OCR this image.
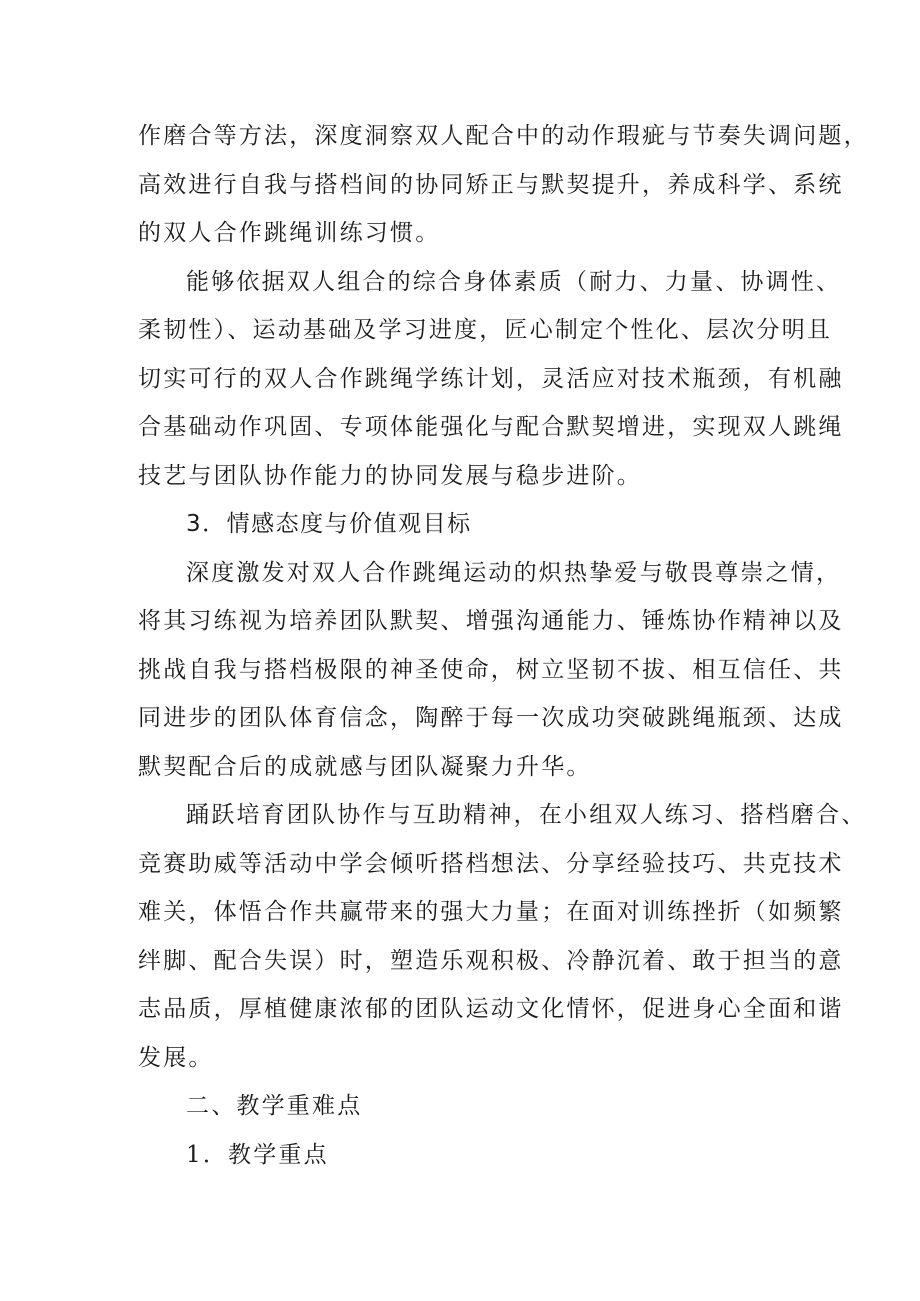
作磨合等方法，深度洞察双人配合中的动作瑕疵与节奏失调问题，
高效进行自我与搭档间的协同矫正与默契提升，养成科学、系统
的双人合作跳绳训练习惯。
能够依据双人组合的综合身体素质（耐力、力量、协调性、
柔韧性）、运动基础及学习进度，匠心制定个性化、层次分明且
切实可行的双人合作跳绳学练计划，灵活应对技术瓶颈，有机融
合基础动作巩固、专项体能强化与配合默契增进，实现双人跳绳
技艺与团队协作能力的协同发展与稳步进阶。
3．情感态度与价值观目标
深度激发对双人合作跳绳运动的炽热挚爱与敬畏尊崇之情，
将其习练视为培养团队默契、增强沟通能力、锤炼协作精神以及
挑战自我与搭档极限的神圣使命，树立坚韧不拔、相互信任、共
同进步的团队体育信念，陶醉于每一次成功突破跳绳瓶颈、达成
默契配合后的成就感与团队凝聚力升华。
踊跃培育团队协作与互助精神，在小组双人练习、搭档磨合、
竞赛助威等活动中学会倾听搭档想法、分享经验技巧、共克技术
难关，体悟合作共赢带来的强大力量；在面对训练挫折（如频繁
绊脚、配合失误）时，塑造乐观积极、冷静沉着、敢于担当的意
志品质，厚植健康浓郁的团队运动文化情怀，促进身心全面和谐
发展。
二、教学重难点
1．教学重点
